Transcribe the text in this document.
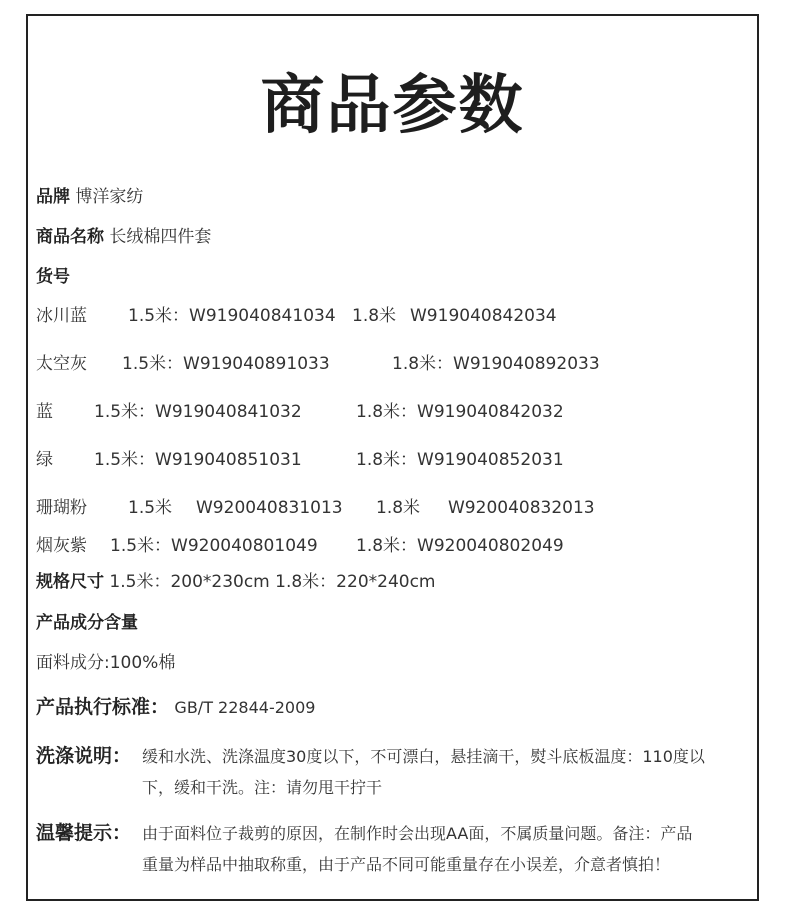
商品参数
品牌 博洋家纺
商品名称 长绒棉四件套
货号
冰川蓝 1.5米：W919040841034 1.8米 W919040842034
太空灰 1.5米：W919040891033	1.8米：W919040892033
蓝 1.5米：W919040841032	1.8米：W919040842032
绿 1.5米：W919040851031	1.8米：W919040852031
珊瑚粉 1.5米 W920040831013 1.8米 W920040832013
烟灰紫 1.5米：W920040801049 1.8米：W920040802049
规格尺寸 1.5米：200*230cm 1.8米：220*240cm
产品成分含量
面料成分:100%棉
产品执行标准： GB/T 22844-2009
洗涤说明： 缓和水洗、洗涤温度30度以下，不可漂白，悬挂滴干，熨斗底板温度：110度以
下，缓和干洗。注：请勿甩干拧干
温馨提示： 由于面料位子裁剪的原因，在制作时会出现AA面，不属质量问题。备注：产品
重量为样品中抽取称重，由于产品不同可能重量存在小误差，介意者慎拍！
